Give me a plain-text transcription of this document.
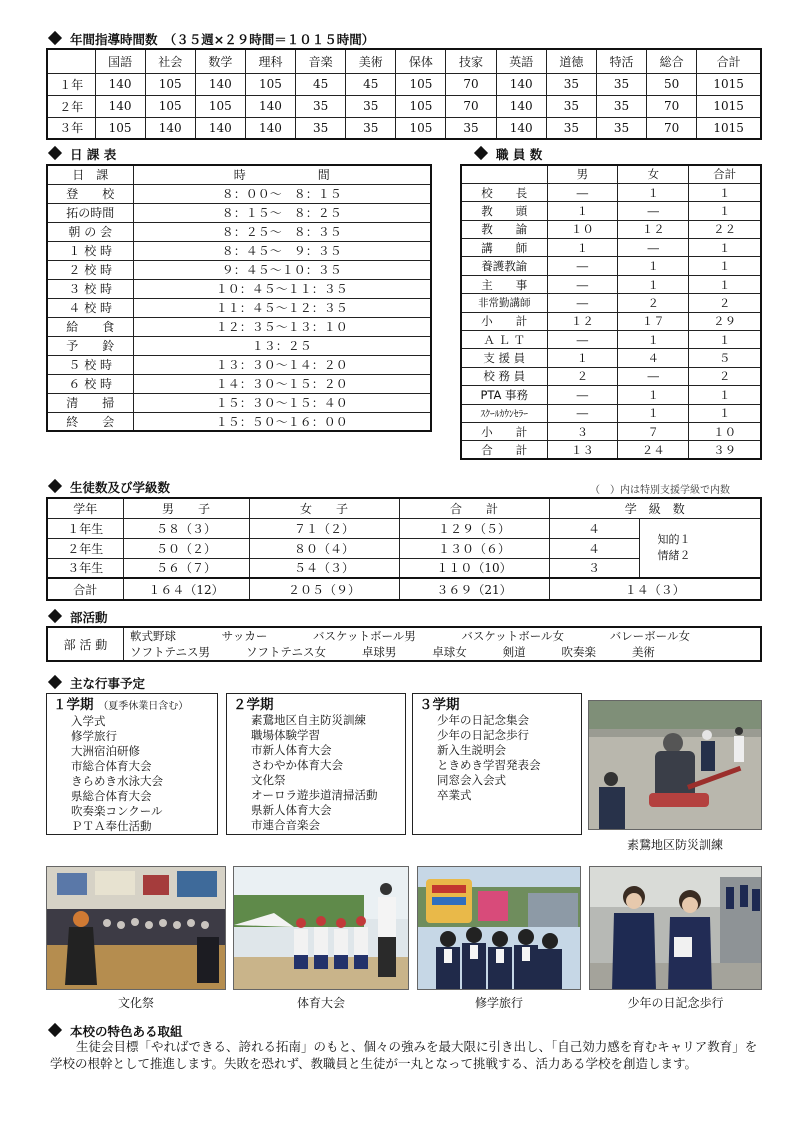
年間指導時間数　（３５週×２９時間＝１０１５時間）
	国語	社会	数学	理科	音楽	美術	保体	技家	英語	道徳	特活	総合	合計
１年	140	105	140	105	45	45	105	70	140	35	35	50	1015
２年	140	105	105	140	35	35	105	70	140	35	35	70	1015
３年	105	140	140	140	35	35	105	35	140	35	35	70	1015
日 課 表
日　課	時　　　　　　間
登　　校	８：００～　８：１５
拓の時間	８：１５～　８：２５
朝 の 会	８：２５～　８：３５
１ 校 時	８：４５～　９：３５
２ 校 時	９：４５～１０：３５
３ 校 時	１０：４５～１１：３５
４ 校 時	１１：４５～１２：３５
給　　食	１２：３５～１３：１０
予　　鈴	１３：２５
５ 校 時	１３：３０～１４：２０
６ 校 時	１４：３０～１５：２０
清　　掃	１５：３０～１５：４０
終　　会	１５：５０～１６：００
職 員 数
	男	女	合計
校　　長	―	１	１
教　　頭	１	―	１
教　　諭	１０	１２	２２
講　　師	１	―	１
養護教諭	―	１	１
主　　事	―	１	１
非常勤講師	―	２	２
小　　計	１２	１７	２９
Ａ Ｌ Ｔ	―	１	１
支 援 員	１	４	５
校 務 員	２	―	２
PTA 事務	―	１	１
ｽｸｰﾙｶｳﾝｾﾗｰ	―	１	１
小　　計	３	７	１０
合　　計	１３	２４	３９
生徒数及び学級数	（　）内は特別支援学級で内数
学年	男　　子	女　　子	合　　計	学　級　数	
１年生	５８（３）	７１（２）	１２９（５）	４	知的１
情緒２

２年生	５０（２）	８０（４）	１３０（６）	４	
３年生	５６（７）	５４（３）	１１０（10）	３	
合計	１６４（12）	２０５（９）	３６９（21）	１４（３）	
部活動
部 活 動
軟式野球	サッカー	バスケットボール男	バスケットボール女	バレーボール女
ソフトテニス男	ソフトテニス女	卓球男	卓球女	剣道	吹奏楽	美術
主な行事予定
１学期 （夏季休業日含む）
入学式
修学旅行
大洲宿泊研修
市総合体育大会
きらめき水泳大会
県総合体育大会
吹奏楽コンクール
ＰＴＡ奉仕活動
２学期
素鵞地区自主防災訓練
職場体験学習
市新人体育大会
さわやか体育大会
文化祭
オーロラ遊歩道清掃活動
県新人体育大会
市連合音楽会
３学期
少年の日記念集会
少年の日記念歩行
新入生説明会
ときめき学習発表会
同窓会入会式
卒業式
素鵞地区防災訓練
文化祭	体育大会	修学旅行	少年の日記念歩行
本校の特色ある取組
生徒会目標「やればできる、誇れる拓南」のもと、個々の強みを最大限に引き出し、「自己効力感を育むキャリア教育」を学校の根幹として推進します。失敗を恐れず、教職員と生徒が一丸となって挑戦する、活力ある学校を創造します。
